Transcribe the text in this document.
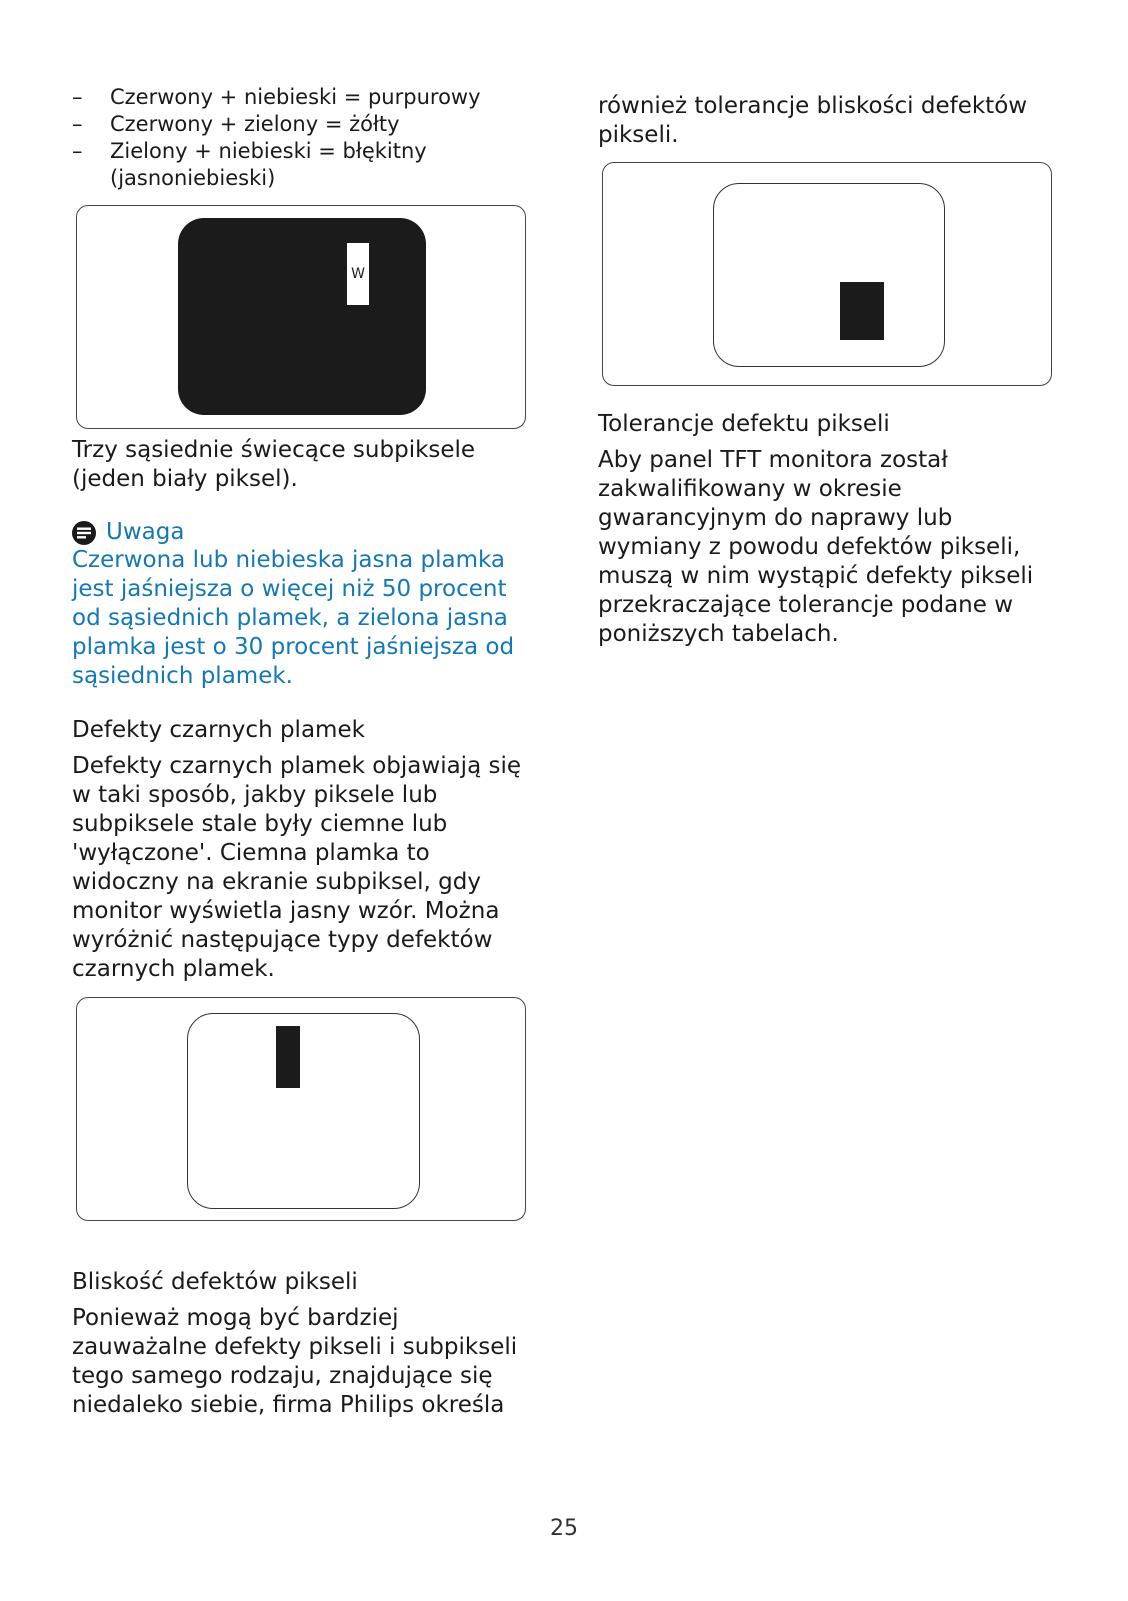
– Czerwony + niebieski = purpurowy
– Czerwony + zielony = żółty
– Zielony + niebieski = błękitny (jasnoniebieski)
W

Trzy sąsiednie świecące subpiksele (jeden biały piksel).

Uwaga

Czerwona lub niebieska jasna plamka jest jaśniejsza o więcej niż 50 procent od sąsiednich plamek, a zielona jasna plamka jest o 30 procent jaśniejsza od sąsiednich plamek.

Defekty czarnych plamek

Defekty czarnych plamek objawiają się w taki sposób, jakby piksele lub subpiksele stale były ciemne lub 'wyłączone'. Ciemna plamka to widoczny na ekranie subpiksel, gdy monitor wyświetla jasny wzór. Można wyróżnić następujące typy defektów czarnych plamek.

Bliskość defektów pikseli

Ponieważ mogą być bardziej zauważalne defekty pikseli i subpikseli tego samego rodzaju, znajdujące się niedaleko siebie, firma Philips określa

również tolerancje bliskości defektów pikseli.

Tolerancje defektu pikseli

Aby panel TFT monitora został zakwalifikowany w okresie gwarancyjnym do naprawy lub wymiany z powodu defektów pikseli, muszą w nim wystąpić defekty pikseli przekraczające tolerancje podane w poniższych tabelach.

25
